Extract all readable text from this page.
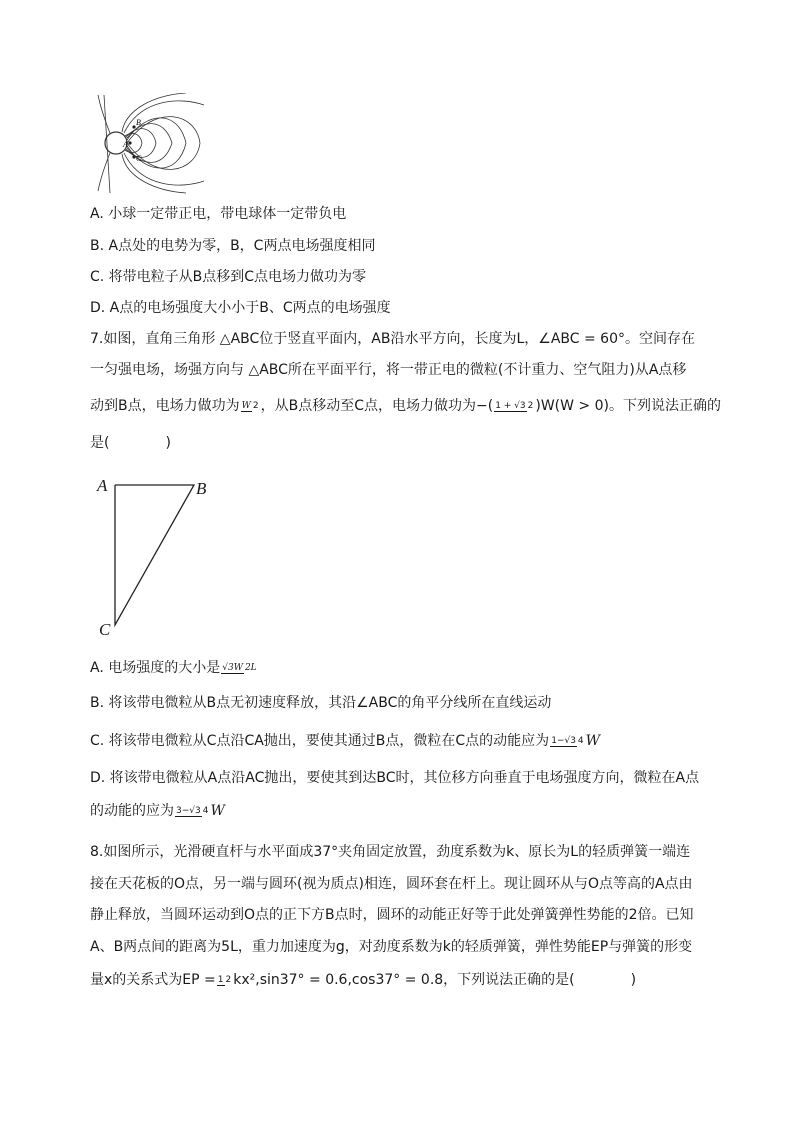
B
A
C
A. 小球一定带正电，带电球体一定带负电
B. A点处的电势为零，B，C两点电场强度相同
C. 将带电粒子从B点移到C点电场力做功为零
D. A点的电场强度大小小于B、C两点的电场强度
7.如图，直角三角形 △ABC位于竖直平面内，AB沿水平方向，长度为L，∠ABC = 60°。空间存在
一匀强电场，场强方向与 △ABC所在平面平行，将一带正电的微粒(不计重力、空气阻力)从A点移
动到B点，电场力做功为 W 2 ，从B点移动至C点，电场力做功为−( 1 + √3 2 )W(W > 0)。下列说法正确的
是(　　　　)
A	B
C
A. 电场强度的大小是 √3W 2L
B. 将该带电微粒从B点无初速度释放，其沿∠ABC的角平分线所在直线运动
C. 将该带电微粒从C点沿CA抛出，要使其通过B点，微粒在C点的动能应为 1−√3 4 W
D. 将该带电微粒从A点沿AC抛出，要使其到达BC时，其位移方向垂直于电场强度方向，微粒在A点
的动能的应为 3−√3 4 W
8.如图所示，光滑硬直杆与水平面成37°夹角固定放置，劲度系数为k、原长为L的轻质弹簧一端连
接在天花板的O点，另一端与圆环(视为质点)相连，圆环套在杆上。现让圆环从与O点等高的A点由
静止释放，当圆环运动到O点的正下方B点时，圆环的动能正好等于此处弹簧弹性势能的2倍。已知
A、B两点间的距离为5L，重力加速度为g，对劲度系数为k的轻质弹簧，弹性势能EP与弹簧的形变
量x的关系式为EP =1 2 kx²,sin37° = 0.6,cos37° = 0.8，下列说法正确的是(　　　　)
